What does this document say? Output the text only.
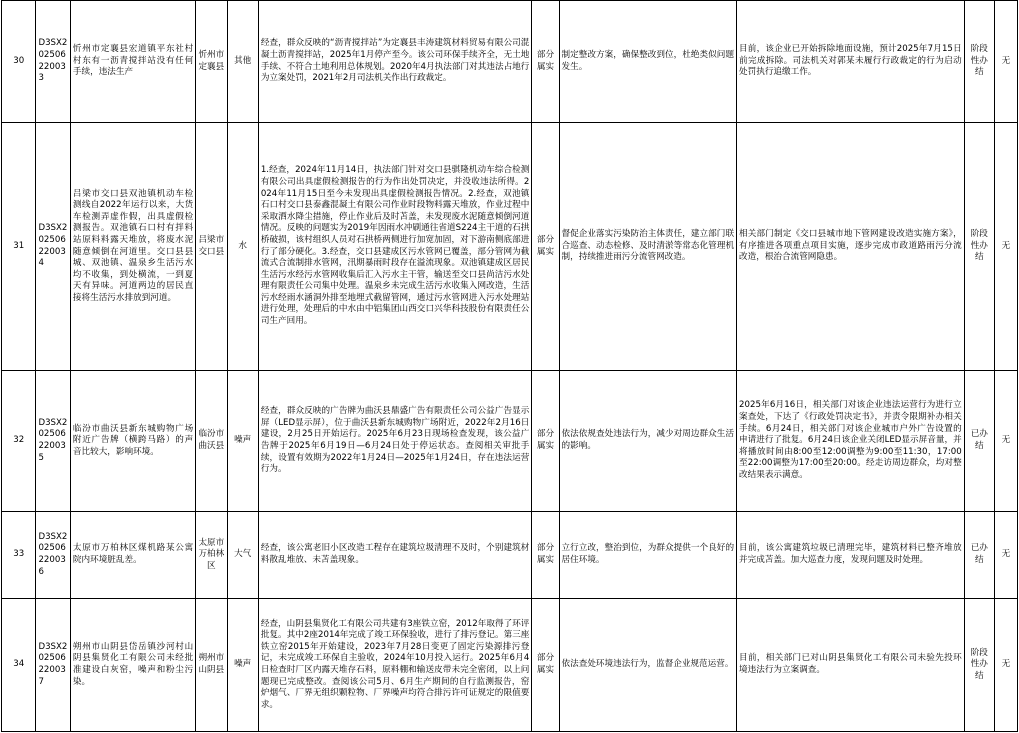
30	D3SX202506220033	忻州市定襄县宏道镇平东社村村东有一沥青搅拌站没有任何手续，违法生产	忻州市定襄县	其他	经查，群众反映的“沥青搅拌站”为定襄县丰涛建筑材料贸易有限公司混凝土沥青搅拌站，2025年1月停产至今。该公司环保手续齐全，无土地手续、不符合土地利用总体规划。2020年4月执法部门对其违法占地行为立案处罚，2021年2月司法机关作出行政裁定。	部分属实	制定整改方案，确保整改到位，杜绝类似问题发生。	目前，该企业已开始拆除地面设施，预计2025年7月15日前完成拆除。司法机关对郭某未履行行政裁定的行为启动处罚执行追缴工作。	阶段性办结	无
31	D3SX202506220034	吕梁市交口县双池镇机动车检测线自2022年运行以来，大货车检测弄虚作假，出具虚假检测报告。双池镇石口村有拌料站原料料露天堆放，将废水泥随意倾倒在河道里。交口县县城、双池镇、温泉乡生活污水均不收集，到处横流，一到夏天有异味。河道两边的居民直接将生活污水排放到河道。	吕梁市交口县	水	1.经查，2024年11月14日，执法部门针对交口县骐隆机动车综合检测有限公司出具虚假检测报告的行为作出处罚决定，并没收违法所得。2024年11月15日至今未发现出具虚假检测报告情况。2.经查，双池镇石口村交口县泰鑫混凝土有限公司作业时段物料露天堆放，作业过程中采取洒水降尘措施，停止作业后及时苫盖，未发现废水泥随意倾倒河道情况。反映的问题实为2019年因雨水冲刷通往省道S224主干道的石拱桥破损，该村组织人员对石拱桥两侧进行加宽加固，对下游南侧底部进行了部分硬化。3.经查，交口县建成区污水管网已覆盖，部分管网为截流式合流制排水管网，汛期暴雨时段存在溢流现象。双池镇建成区居民生活污水经污水管网收集后汇入污水主干管，输送至交口县尚洁污水处理有限责任公司集中处理。温泉乡未完成生活污水收集入网改造，生活污水经雨水涵洞外排至地埋式截留管网，通过污水管网进入污水处理站进行处理，处理后的中水由中铝集团山西交口兴华科技股份有限责任公司生产回用。	部分属实	督促企业落实污染防治主体责任，建立部门联合巡查、动态检修、及时清淤等常态化管理机制，持续推进雨污分流管网改造。	相关部门制定《交口县城市地下管网建设改造实施方案》，有序推进各项重点项目实施，逐步完成市政道路雨污分流改造，根治合流管网隐患。	阶段性办结	无
32	D3SX202506220035	临汾市曲沃县新东城购物广场附近广告牌（横跨马路）的声音比较大，影响环境。	临汾市曲沃县	噪声	经查，群众反映的广告牌为曲沃县鼎盛广告有限责任公司公益广告显示屏（LED显示屏），位于曲沃县新东城购物广场附近，2022年2月16日建设，2月25日开始运行。2025年6月23日现场检查发现，该公益广告牌于2025年6月19日—6月24日处于停运状态。查阅相关审批手续，设置有效期为2022年1月24日—2025年1月24日，存在违法运营行为。	部分属实	依法依规查处违法行为，减少对周边群众生活的影响。	2025年6月16日，相关部门对该企业违法运营行为进行立案查处，下达了《行政处罚决定书》，并责令限期补办相关手续。6月24日，相关部门对该企业城市户外广告设置的申请进行了批复。6月24日该企业关闭LED显示屏音量，并将播放时间由8:00至12:00调整为9:00至11:30，17:00至22:00调整为17:00至20:00。经走访周边群众，均对整改结果表示满意。	已办结	无
33	D3SX202506220036	太原市万柏林区煤机路某公寓院内环境脏乱差。	太原市万柏林区	大气	经查，该公寓老旧小区改造工程存在建筑垃圾清理不及时，个别建筑材料散乱堆放、未苫盖现象。	部分属实	立行立改，整治到位，为群众提供一个良好的居住环境。	目前，该公寓建筑垃圾已清理完毕，建筑材料已整齐堆放并完成苫盖。加大巡查力度，发现问题及时处理。	已办结	无
34	D3SX202506220037	朔州市山阴县岱岳镇沙河村山阴县集贤化工有限公司未经批准建设白灰窑，噪声和粉尘污染。	朔州市山阴县	噪声	经查，山阴县集贤化工有限公司共建有3座铁立窑，2012年取得了环评批复。其中2座2014年完成了竣工环保验收，进行了排污登记。第三座铁立窑2015年开始建设，2023年7月28日变更了固定污染源排污登记，未完成竣工环保自主验收，2024年10月投入运行。2025年6月4日检查时厂区内露天堆存石料，原料棚和输送皮带未完全密闭，以上问题现已完成整改。查阅该公司5月、6月生产期间的自行监测报告，窑炉烟气、厂界无组织颗粒物、厂界噪声均符合排污许可证规定的限值要求。	部分属实	依法查处环境违法行为，监督企业规范运营。	目前，相关部门已对山阴县集贤化工有限公司未验先投环境违法行为立案调查。	阶段性办结	无
